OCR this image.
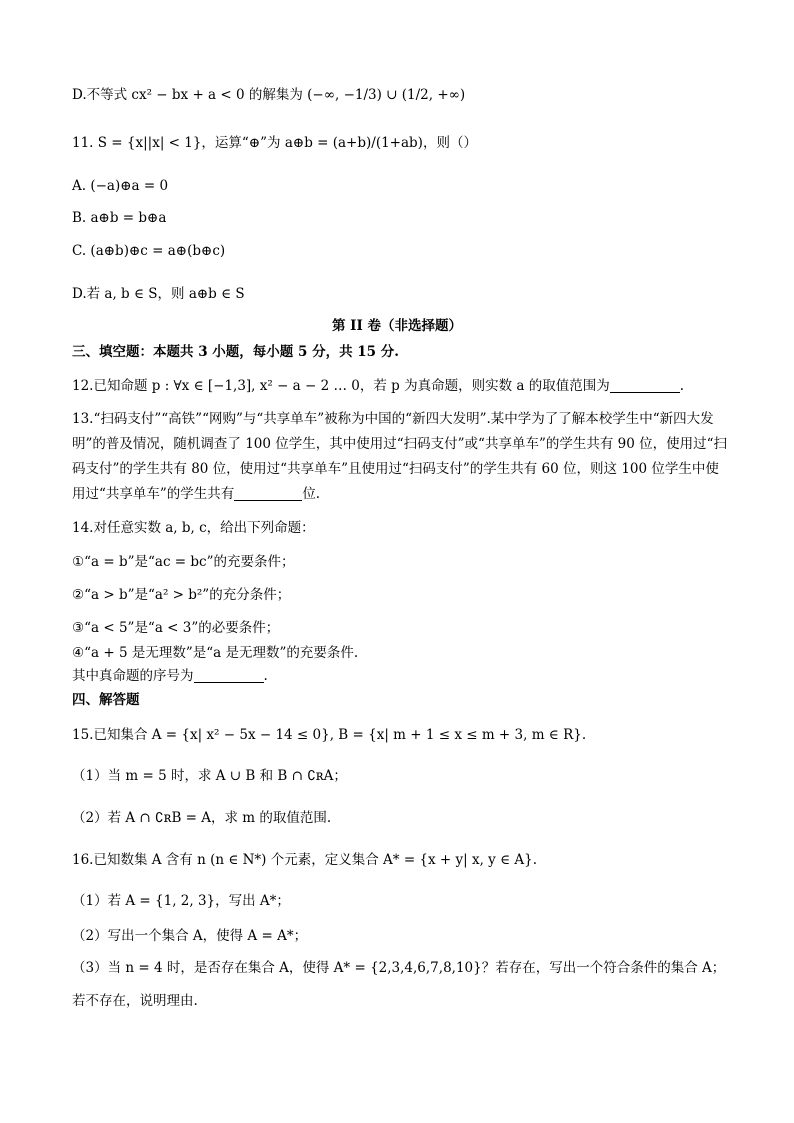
D.不等式 cx² − bx + a < 0 的解集为 (−∞, −1/3) ∪ (1/2, +∞)
11. S = {x||x| < 1}，运算“⊕”为 a⊕b = (a+b)/(1+ab)，则（）
A. (−a)⊕a = 0
B. a⊕b = b⊕a
C. (a⊕b)⊕c = a⊕(b⊕c)
D.若 a, b ∈ S，则 a⊕b ∈ S
第 II 卷（非选择题）
三、填空题：本题共 3 小题，每小题 5 分，共 15 分.
12.已知命题 p : ∀x ∈ [−1,3], x² − a − 2 … 0，若 p 为真命题，则实数 a 的取值范围为	.
13.“扫码支付”“高铁”“网购”与“共享单车”被称为中国的“新四大发明”.某中学为了了解本校学生中“新四大发
明”的普及情况，随机调查了 100 位学生，其中使用过“扫码支付”或“共享单车”的学生共有 90 位，使用过“扫
码支付”的学生共有 80 位，使用过“共享单车”且使用过“扫码支付”的学生共有 60 位，则这 100 位学生中使
用过“共享单车”的学生共有	位.
14.对任意实数 a, b, c，给出下列命题：
①“a = b”是“ac = bc”的充要条件；
②“a > b”是“a² > b²”的充分条件；
③“a < 5”是“a < 3”的必要条件；
④“a + 5 是无理数”是“a 是无理数”的充要条件.
其中真命题的序号为	.
四、解答题
15.已知集合 A = {x| x² − 5x − 14 ≤ 0}, B = {x| m + 1 ≤ x ≤ m + 3, m ∈ R}.
（1）当 m = 5 时，求 A ∪ B 和 B ∩ ∁ʀA；
（2）若 A ∩ ∁ʀB = A，求 m 的取值范围.
16.已知数集 A 含有 n (n ∈ N*) 个元素，定义集合 A* = {x + y| x, y ∈ A}.
（1）若 A = {1, 2, 3}，写出 A*；
（2）写出一个集合 A，使得 A = A*；
（3）当 n = 4 时，是否存在集合 A，使得 A* = {2,3,4,6,7,8,10}？若存在，写出一个符合条件的集合 A；
若不存在，说明理由.
